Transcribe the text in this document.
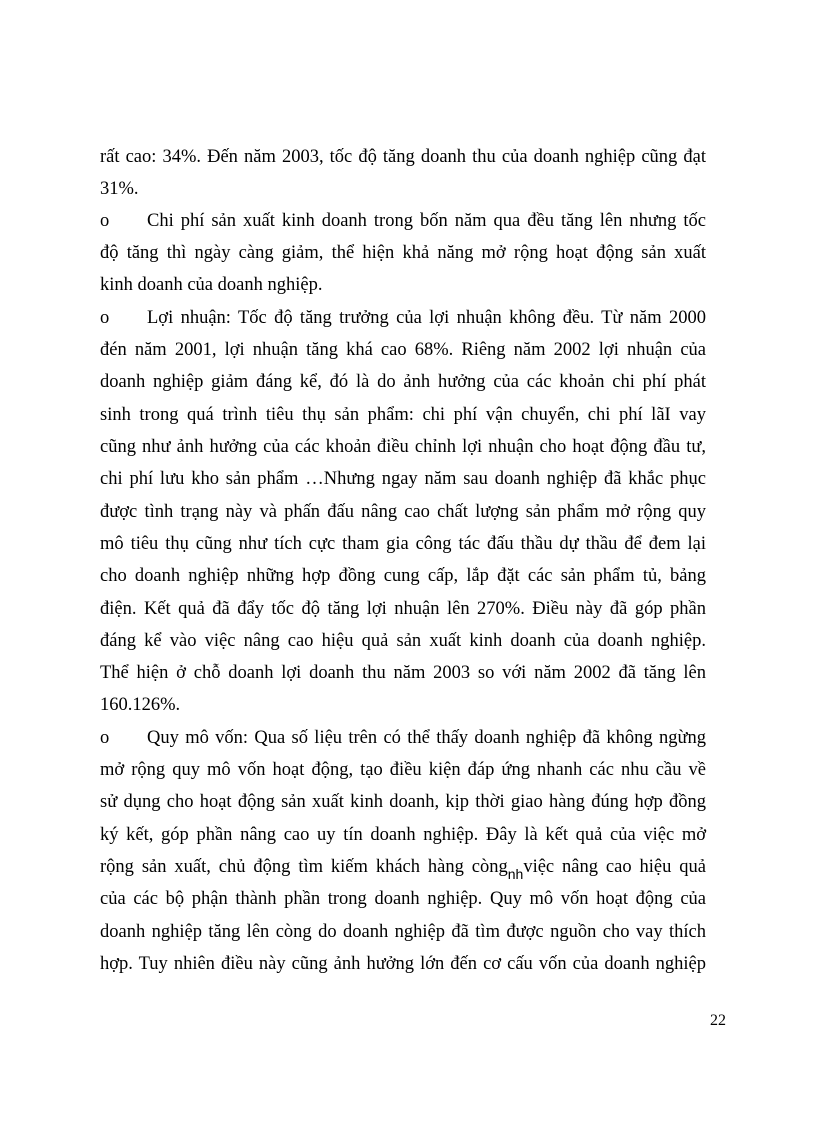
rất cao: 34%. Đến năm 2003, tốc độ tăng doanh thu của doanh nghiệp cũng đạt
31%.
o Chi phí sản xuất kinh doanh trong bốn năm qua đều tăng lên nhưng tốc
độ tăng thì ngày càng giảm, thể hiện khả năng mở rộng hoạt động sản xuất
kinh doanh của doanh nghiệp.
o Lợi nhuận: Tốc độ tăng trưởng của lợi nhuận không đều. Từ năm 2000
đén năm 2001, lợi nhuận tăng khá cao 68%. Riêng năm 2002 lợi nhuận của
doanh nghiệp giảm đáng kể, đó là do ảnh hưởng của các khoản chi phí phát
sinh trong quá trình tiêu thụ sản phẩm: chi phí vận chuyển, chi phí lãI vay
cũng như ảnh hưởng của các khoản điều chỉnh lợi nhuận cho hoạt động đầu tư,
chi phí lưu kho sản phẩm …Nhưng ngay năm sau doanh nghiệp đã khắc phục
được tình trạng này và phấn đấu nâng cao chất lượng sản phẩm mở rộng quy
mô tiêu thụ cũng như tích cực tham gia công tác đấu thầu dự thầu để đem lại
cho doanh nghiệp những hợp đồng cung cấp, lắp đặt các sản phẩm tủ, bảng
điện. Kết quả đã đẩy tốc độ tăng lợi nhuận lên 270%. Điều này đã góp phần
đáng kể vào việc nâng cao hiệu quả sản xuất kinh doanh của doanh nghiệp.
Thể hiện ở chỗ doanh lợi doanh thu năm 2003 so với năm 2002 đã tăng lên
160.126%.
o Quy mô vốn: Qua số liệu trên có thể thấy doanh nghiệp đã không ngừng
mở rộng quy mô vốn hoạt động, tạo điều kiện đáp ứng nhanh các nhu cầu về
sử dụng cho hoạt động sản xuất kinh doanh, kịp thời giao hàng đúng hợp đồng
ký kết, góp phần nâng cao uy tín doanh nghiệp. Đây là kết quả của việc mở
rộng sản xuất, chủ động tìm kiếm khách hàng còng$_{nh}$việc nâng cao hiệu quả
của các bộ phận thành phần trong doanh nghiệp. Quy mô vốn hoạt động của
doanh nghiệp tăng lên còng do doanh nghiệp đã tìm được nguồn cho vay thích
hợp. Tuy nhiên điều này cũng ảnh hưởng lớn đến cơ cấu vốn của doanh nghiệp
22
